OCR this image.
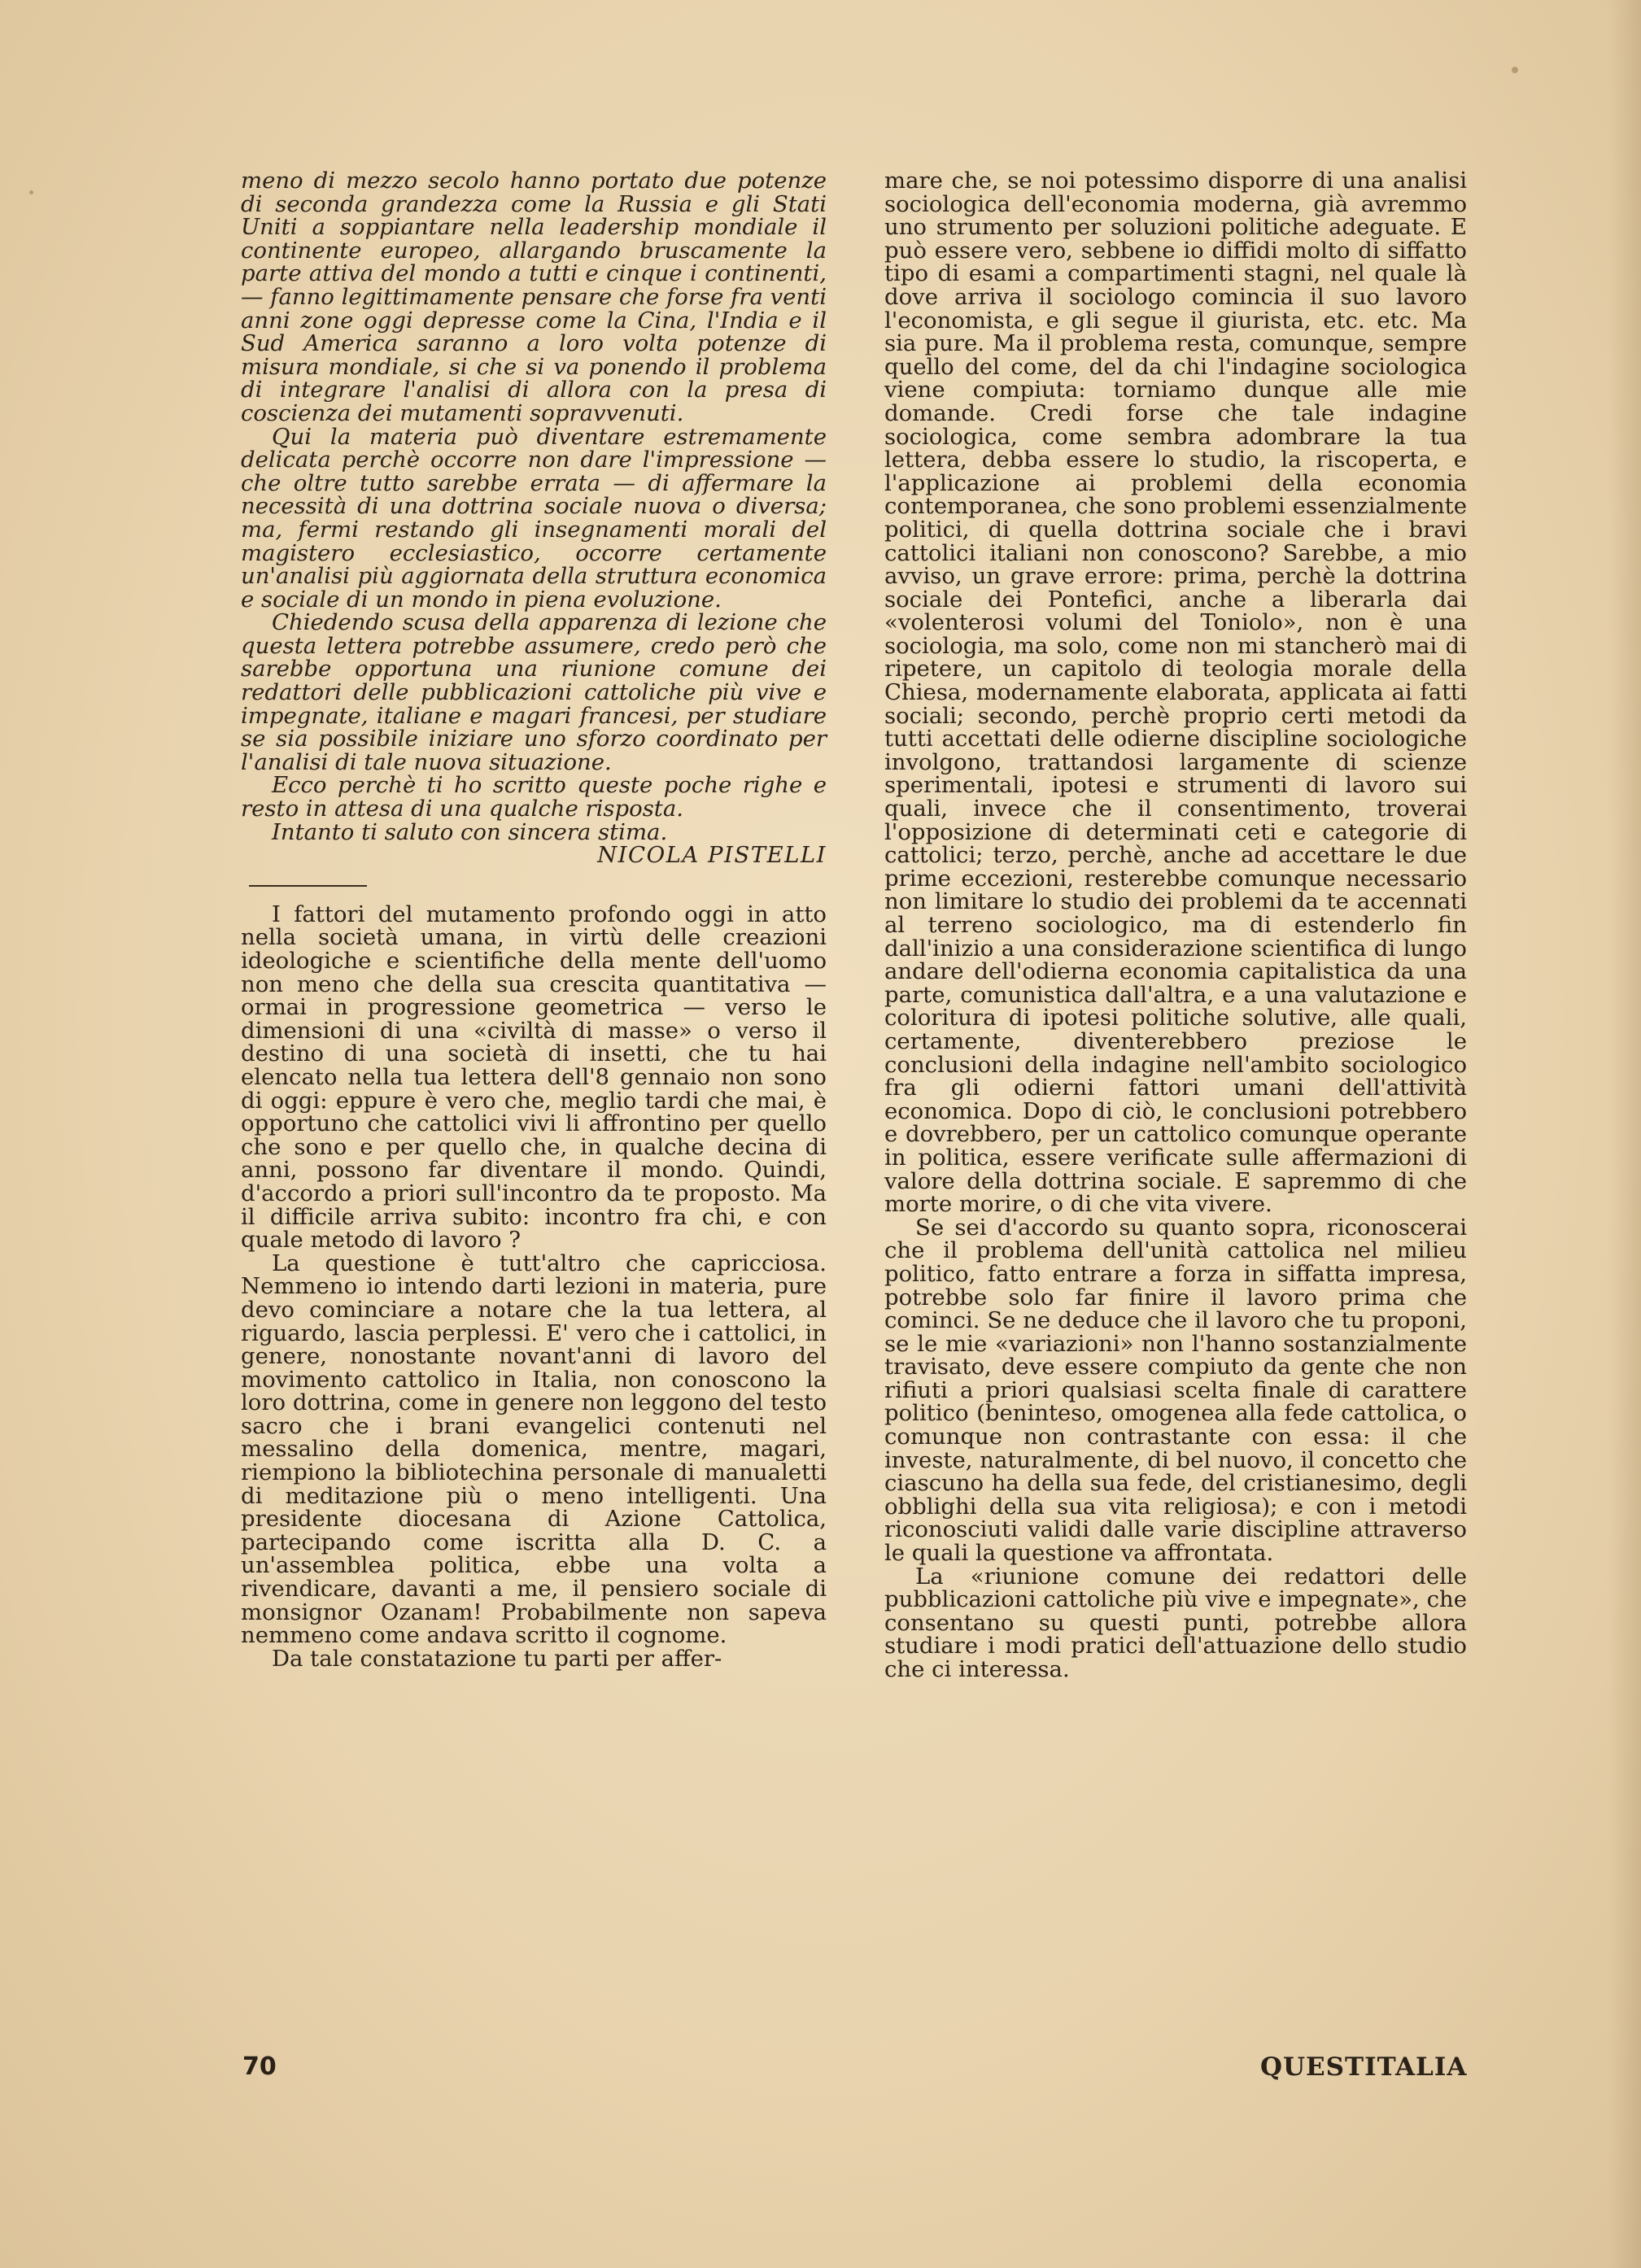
meno di mezzo secolo hanno portato due potenze di seconda grandezza come la Russia e gli Stati Uniti a soppiantare nella leadership mondiale il continente europeo, allargando bruscamente la parte attiva del mondo a tutti e cinque i continenti, — fanno legittimamente pensare che forse fra venti anni zone oggi depresse come la Cina, l'India e il Sud America saranno a loro volta potenze di misura mondiale, si che si va ponendo il problema di integrare l'analisi di allora con la presa di coscienza dei mutamenti sopravvenuti.

Qui la materia può diventare estremamente delicata perchè occorre non dare l'impressione — che oltre tutto sarebbe errata — di affermare la necessità di una dottrina sociale nuova o diversa; ma, fermi restando gli insegnamenti morali del magistero ecclesiastico, occorre certamente un'analisi più aggiornata della struttura economica e sociale di un mondo in piena evoluzione.

Chiedendo scusa della apparenza di lezione che questa lettera potrebbe assumere, credo però che sarebbe opportuna una riunione comune dei redattori delle pubblicazioni cattoliche più vive e impegnate, italiane e magari francesi, per studiare se sia possibile iniziare uno sforzo coordinato per l'analisi di tale nuova situazione.

Ecco perchè ti ho scritto queste poche righe e resto in attesa di una qualche risposta.

Intanto ti saluto con sincera stima.

NICOLA PISTELLI

I fattori del mutamento profondo oggi in atto nella società umana, in virtù delle creazioni ideologiche e scientifiche della mente dell'uomo non meno che della sua crescita quantitativa — ormai in progressione geometrica — verso le dimensioni di una «civiltà di masse» o verso il destino di una società di insetti, che tu hai elencato nella tua lettera dell'8 gennaio non sono di oggi: eppure è vero che, meglio tardi che mai, è opportuno che cattolici vivi li affrontino per quello che sono e per quello che, in qualche decina di anni, possono far diventare il mondo. Quindi, d'accordo a priori sull'incontro da te proposto. Ma il difficile arriva subito: incontro fra chi, e con quale metodo di lavoro ?

La questione è tutt'altro che capricciosa. Nemmeno io intendo darti lezioni in materia, pure devo cominciare a notare che la tua lettera, al riguardo, lascia perplessi. E' vero che i cattolici, in genere, nonostante novant'anni di lavoro del movimento cattolico in Italia, non conoscono la loro dottrina, come in genere non leggono del testo sacro che i brani evangelici contenuti nel messalino della domenica, mentre, magari, riempiono la bibliotechina personale di manualetti di meditazione più o meno intelligenti. Una presidente diocesana di Azione Cattolica, partecipando come iscritta alla D. C. a un'assemblea politica, ebbe una volta a rivendicare, davanti a me, il pensiero sociale di monsignor Ozanam! Probabilmente non sapeva nemmeno come andava scritto il cognome.

Da tale constatazione tu parti per affer-

mare che, se noi potessimo disporre di una analisi sociologica dell'economia moderna, già avremmo uno strumento per soluzioni politiche adeguate. E può essere vero, sebbene io diffidi molto di siffatto tipo di esami a compartimenti stagni, nel quale là dove arriva il sociologo comincia il suo lavoro l'economista, e gli segue il giurista, etc. etc. Ma sia pure. Ma il problema resta, comunque, sempre quello del come, del da chi l'indagine sociologica viene compiuta: torniamo dunque alle mie domande. Credi forse che tale indagine sociologica, come sembra adombrare la tua lettera, debba essere lo studio, la riscoperta, e l'applicazione ai problemi della economia contemporanea, che sono problemi essenzialmente politici, di quella dottrina sociale che i bravi cattolici italiani non conoscono? Sarebbe, a mio avviso, un grave errore: prima, perchè la dottrina sociale dei Pontefici, anche a liberarla dai «volenterosi volumi del Toniolo», non è una sociologia, ma solo, come non mi stancherò mai di ripetere, un capitolo di teologia morale della Chiesa, modernamente elaborata, applicata ai fatti sociali; secondo, perchè proprio certi metodi da tutti accettati delle odierne discipline sociologiche involgono, trattandosi largamente di scienze sperimentali, ipotesi e strumenti di lavoro sui quali, invece che il consentimento, troverai l'opposizione di determinati ceti e categorie di cattolici; terzo, perchè, anche ad accettare le due prime eccezioni, resterebbe comunque necessario non limitare lo studio dei problemi da te accennati al terreno sociologico, ma di estenderlo fin dall'inizio a una considerazione scientifica di lungo andare dell'odierna economia capitalistica da una parte, comunistica dall'altra, e a una valutazione e coloritura di ipotesi politiche solutive, alle quali, certamente, diventerebbero preziose le conclusioni della indagine nell'ambito sociologico fra gli odierni fattori umani dell'attività economica. Dopo di ciò, le conclusioni potrebbero e dovrebbero, per un cattolico comunque operante in politica, essere verificate sulle affermazioni di valore della dottrina sociale. E sapremmo di che morte morire, o di che vita vivere.

Se sei d'accordo su quanto sopra, riconoscerai che il problema dell'unità cattolica nel milieu politico, fatto entrare a forza in siffatta impresa, potrebbe solo far finire il lavoro prima che cominci. Se ne deduce che il lavoro che tu proponi, se le mie «variazioni» non l'hanno sostanzialmente travisato, deve essere compiuto da gente che non rifiuti a priori qualsiasi scelta finale di carattere politico (beninteso, omogenea alla fede cattolica, o comunque non contrastante con essa: il che investe, naturalmente, di bel nuovo, il concetto che ciascuno ha della sua fede, del cristianesimo, degli obblighi della sua vita religiosa); e con i metodi riconosciuti validi dalle varie discipline attraverso le quali la questione va affrontata.

La «riunione comune dei redattori delle pubblicazioni cattoliche più vive e impegnate», che consentano su questi punti, potrebbe allora studiare i modi pratici dell'attuazione dello studio che ci interessa.

70	QUESTITALIA
